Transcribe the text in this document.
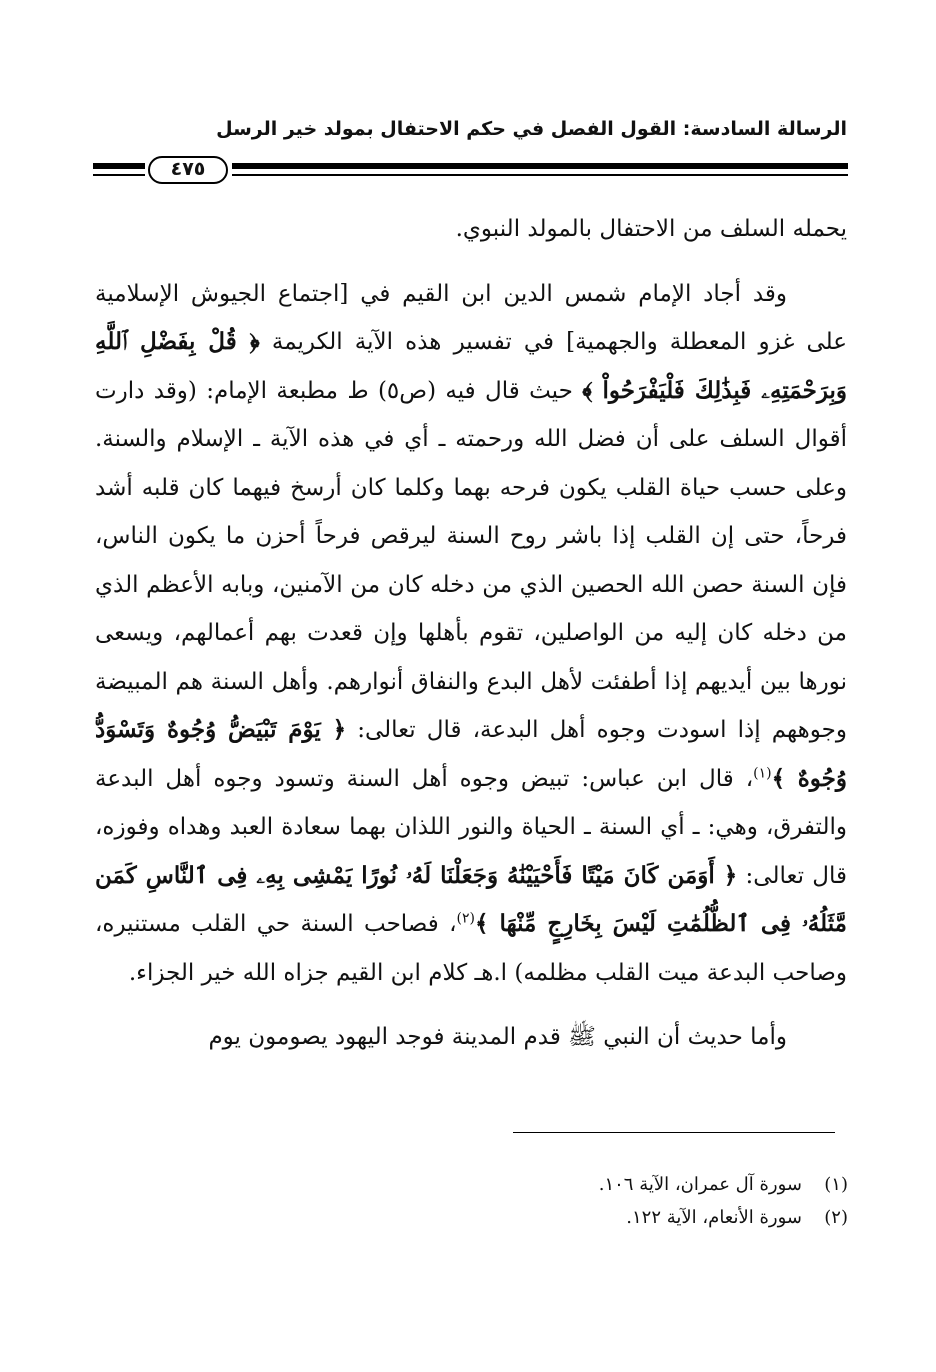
الرسالة السادسة: القول الفصل في حكم الاحتفال بمولد خير الرسل
٤٧٥

يحمله السلف من الاحتفال بالمولد النبوي.

وقد أجاد الإمام شمس الدين ابن القيم في [اجتماع الجيوش الإسلامية على غزو المعطلة والجهمية] في تفسير هذه الآية الكريمة ﴿ قُلْ بِفَضْلِ ٱللَّهِ وَبِرَحْمَتِهِۦ فَبِذَٰلِكَ فَلْيَفْرَحُواْ ﴾ حيث قال فيه (ص٥) ط مطبعة الإمام: (وقد دارت أقوال السلف على أن فضل الله ورحمته ـ أي في هذه الآية ـ الإسلام والسنة. وعلى حسب حياة القلب يكون فرحه بهما وكلما كان أرسخ فيهما كان قلبه أشد فرحاً، حتى إن القلب إذا باشر روح السنة ليرقص فرحاً أحزن ما يكون الناس، فإن السنة حصن الله الحصين الذي من دخله كان من الآمنين، وبابه الأعظم الذي من دخله كان إليه من الواصلين، تقوم بأهلها وإن قعدت بهم أعمالهم، ويسعى نورها بين أيديهم إذا أطفئت لأهل البدع والنفاق أنوارهم. وأهل السنة هم المبيضة وجوههم إذا اسودت وجوه أهل البدعة، قال تعالى: ﴿ يَوْمَ تَبْيَضُّ وُجُوهٌ وَتَسْوَدُّ وُجُوهٌ ﴾$^{(١)}$، قال ابن عباس: تبيض وجوه أهل السنة وتسود وجوه أهل البدعة والتفرق، وهي: ـ أي السنة ـ الحياة والنور اللذان بهما سعادة العبد وهداه وفوزه، قال تعالى: ﴿ أَوَمَن كَانَ مَيْتًا فَأَحْيَيْنَٰهُ وَجَعَلْنَا لَهُۥ نُورًا يَمْشِى بِهِۦ فِى ٱلنَّاسِ كَمَن مَّثَلُهُۥ فِى ٱلظُّلُمَٰتِ لَيْسَ بِخَارِجٍ مِّنْهَا ﴾$^{(٢)}$، فصاحب السنة حي القلب مستنيره، وصاحب البدعة ميت القلب مظلمه) ا.هـ كلام ابن القيم جزاه الله خير الجزاء.

وأما حديث أن النبي ﷺ قدم المدينة فوجد اليهود يصومون يوم

(١)سورة آل عمران، الآية ١٠٦.
(٢)سورة الأنعام، الآية ١٢٢.
